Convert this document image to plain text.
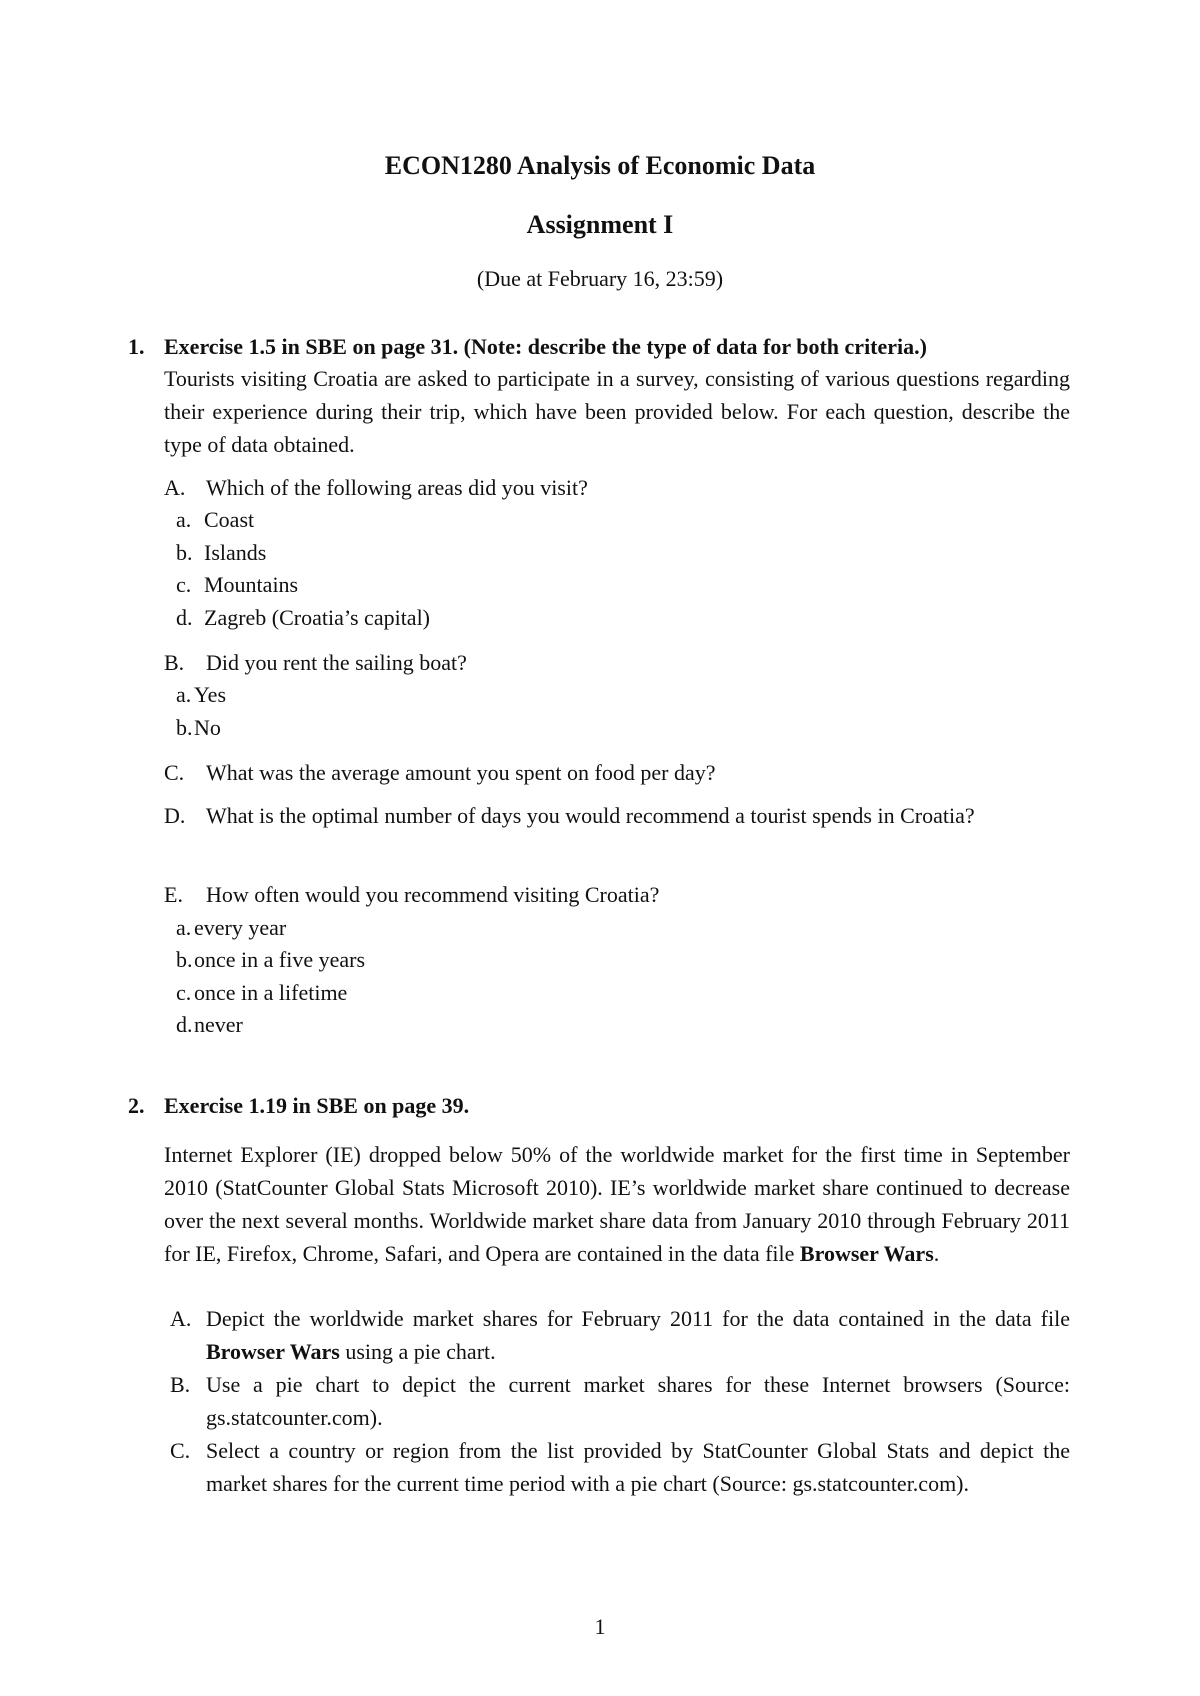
ECON1280 Analysis of Economic Data
Assignment I
(Due at February 16, 23:59)
1. Exercise 1.5 in SBE on page 31. (Note: describe the type of data for both criteria.)
Tourists visiting Croatia are asked to participate in a survey, consisting of various questions regarding their experience during their trip, which have been provided below. For each question, describe the type of data obtained.
A. Which of the following areas did you visit?
a. Coast
b. Islands
c. Mountains
d. Zagreb (Croatia’s capital)
B. Did you rent the sailing boat?
a. Yes
b.No
C. What was the average amount you spent on food per day?
D. What is the optimal number of days you would recommend a tourist spends in Croatia?
E. How often would you recommend visiting Croatia?
a. every year
b.once in a five years
c. once in a lifetime
d.never
2. Exercise 1.19 in SBE on page 39.
Internet Explorer (IE) dropped below 50% of the worldwide market for the first time in September 2010 (StatCounter Global Stats Microsoft 2010). IE’s worldwide market share continued to decrease over the next several months. Worldwide market share data from January 2010 through February 2011 for IE, Firefox, Chrome, Safari, and Opera are contained in the data file Browser Wars.
A. Depict the worldwide market shares for February 2011 for the data contained in the data file Browser Wars using a pie chart.
B. Use a pie chart to depict the current market shares for these Internet browsers (Source: gs.statcounter.com).
C. Select a country or region from the list provided by StatCounter Global Stats and depict the market shares for the current time period with a pie chart (Source: gs.statcounter.com).
1
